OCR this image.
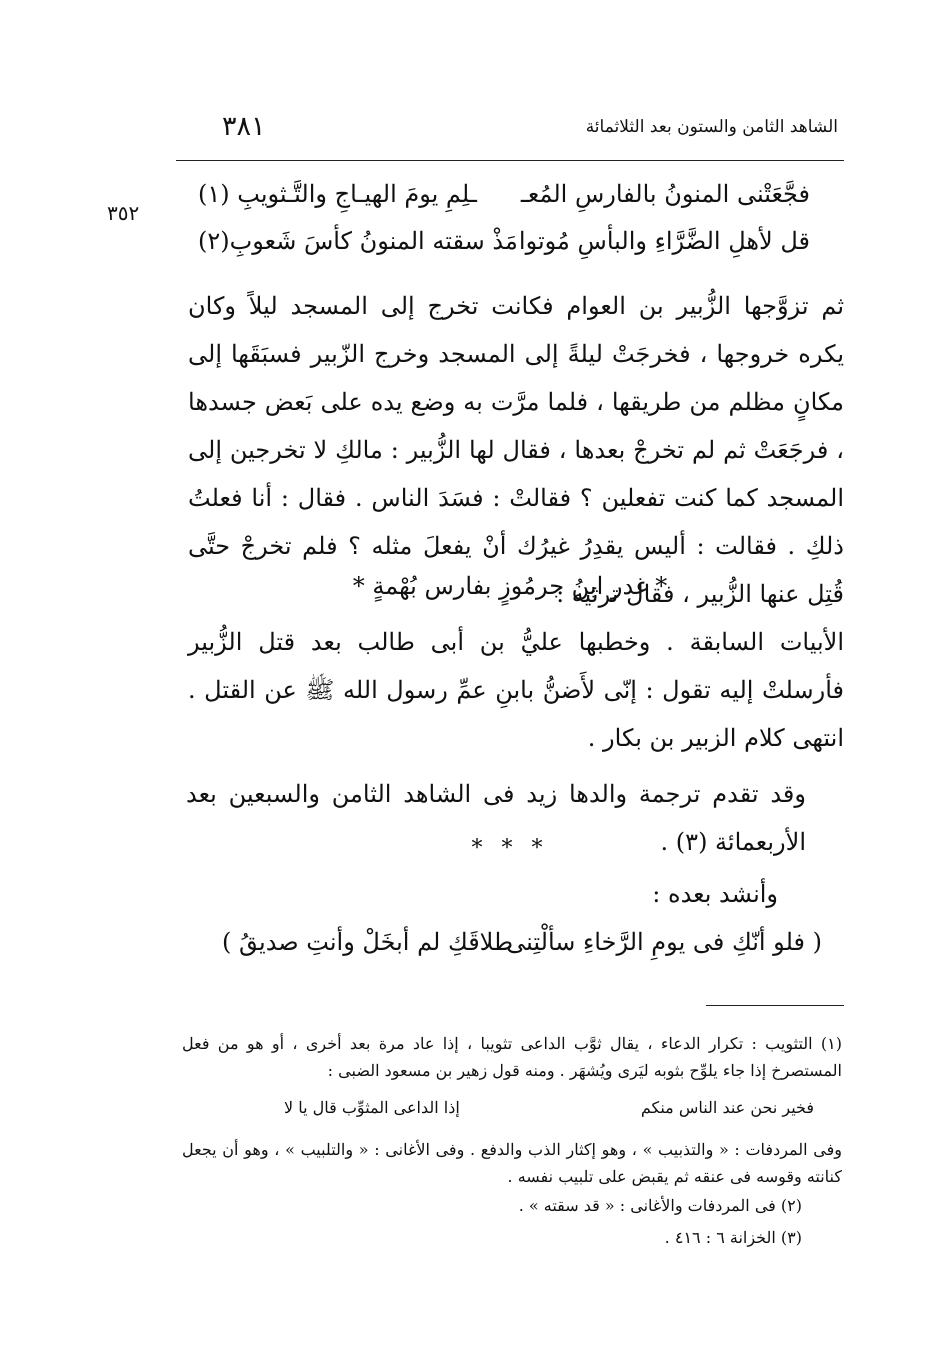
الشاهد الثامن والستون بعد الثلاثمائة
٣٨١
٣٥٢
فجَّعَتْنى المنونُ بالفارسِ المُعـ
ـلِمِ يومَ الهيـاجِ والتَّـثويبِ (١)
قل لأهلِ الضَّرَّاءِ والبأسِ مُوتوا
مَذْ سقته المنونُ كأسَ شَعوبِ(٢)
ثم تزوَّجها الزُّبير بن العوام فكانت تخرج إلى المسجد ليلاً وكان يكره خروجها ، فخرجَتْ ليلةً إلى المسجد وخرج الزّبير فسبَقَها إلى مكانٍ مظلم من طريقها ، فلما مرَّت به وضع يده على بَعض جسدها ، فرجَعَتْ ثم لم تخرجْ بعدها ، فقال لها الزُّبير : مالكِ لا تخرجين إلى المسجد كما كنت تفعلين ؟ فقالتْ : فسَدَ الناس . فقال : أنا فعلتُ ذلكِ . فقالت : أليس يقدِرُ غيرُك أنْ يفعلَ مثله ؟ فلم تخرجْ حتَّى قُتِل عنها الزُّبير ، فقال ترثيه :
* غدر ابنُ جرمُوزٍ بفارس بُهْمةٍ *
الأبيات السابقة . وخطبها عليُّ بن أبى طالب بعد قتل الزُّبير فأرسلتْ إليه تقول : إنّى لأَضنُّ بابنِ عمِّ رسول الله ﷺ عن القتل . انتهى كلام الزبير بن بكار .
وقد تقدم ترجمة والدها زيد فى الشاهد الثامن والسبعين بعد الأربعمائة (٣) .
* * *
وأنشد بعده :
( فلو أنّكِ فى يومِ الرَّخاءِ سألْتِنى
طلاقَكِ لم أبخَلْ وأنتِ صديقُ )
(١) التثويب : تكرار الدعاء ، يقال ثوَّب الداعى تثويبا ، إذا عاد مرة بعد أخرى ، أو هو من فعل المستصرخ إذا جاء يلوِّح بثوبه ليَرى ويُشهَر . ومنه قول زهير بن مسعود الضبى :
فخير نحن عند الناس منكم
إذا الداعى المثوِّب قال يا لا
وفى المردفات : « والتذبيب » ، وهو إكثار الذب والدفع . وفى الأغانى : « والتلبيب » ، وهو أن يجعل كنانته وقوسه فى عنقه ثم يقبض على تلبيب نفسه .
(٢) فى المردفات والأغانى : « قد سقته » .
(٣) الخزانة ٦ : ٤١٦ .
